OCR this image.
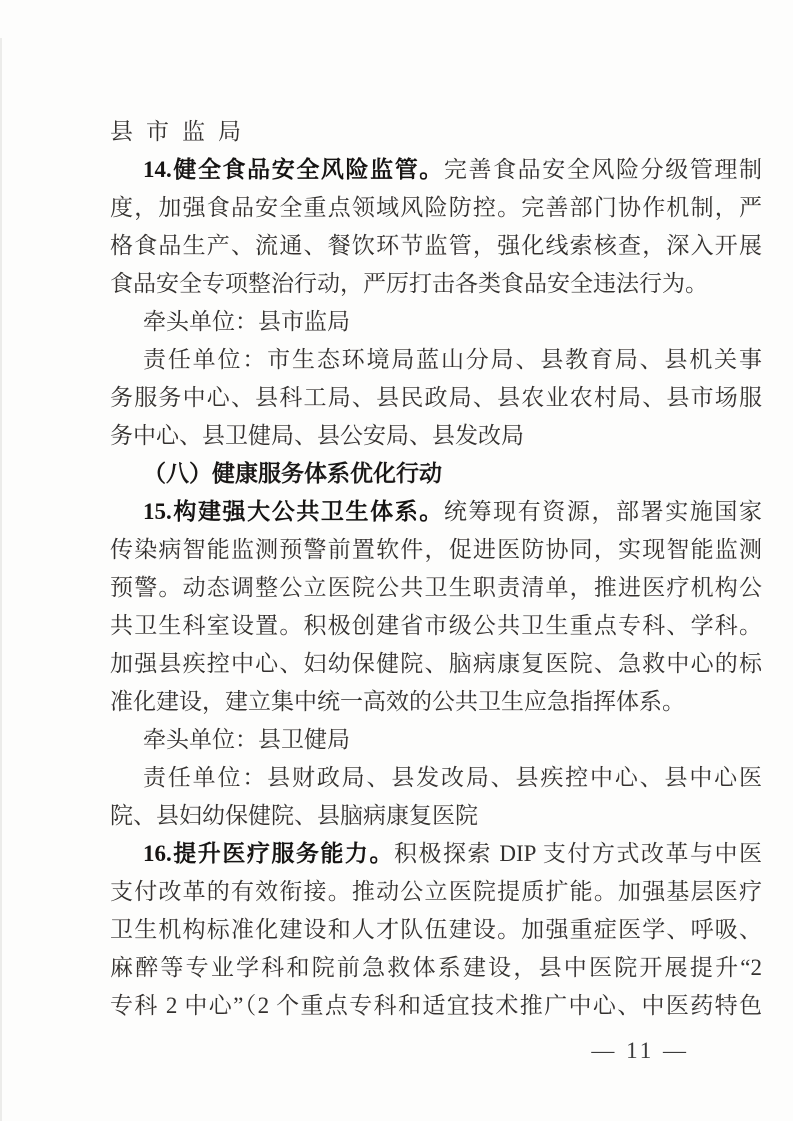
县市监局
14.健全食品安全风险监管。完善食品安全风险分级管理制
度，加强食品安全重点领域风险防控。完善部门协作机制，严
格食品生产、流通、餐饮环节监管，强化线索核查，深入开展
食品安全专项整治行动，严厉打击各类食品安全违法行为。
牵头单位：县市监局
责任单位：市生态环境局蓝山分局、县教育局、县机关事
务服务中心、县科工局、县民政局、县农业农村局、县市场服
务中心、县卫健局、县公安局、县发改局
（八）健康服务体系优化行动
15.构建强大公共卫生体系。统筹现有资源，部署实施国家
传染病智能监测预警前置软件，促进医防协同，实现智能监测
预警。动态调整公立医院公共卫生职责清单，推进医疗机构公
共卫生科室设置。积极创建省市级公共卫生重点专科、学科。
加强县疾控中心、妇幼保健院、脑病康复医院、急救中心的标
准化建设，建立集中统一高效的公共卫生应急指挥体系。
牵头单位：县卫健局
责任单位：县财政局、县发改局、县疾控中心、县中心医
院、县妇幼保健院、县脑病康复医院
16.提升医疗服务能力。积极探索 DIP 支付方式改革与中医
支付改革的有效衔接。推动公立医院提质扩能。加强基层医疗
卫生机构标准化建设和人才队伍建设。加强重症医学、呼吸、
麻醉等专业学科和院前急救体系建设，县中医院开展提升“2
专科 2 中心”（2 个重点专科和适宜技术推广中心、中医药特色
— 11 —
